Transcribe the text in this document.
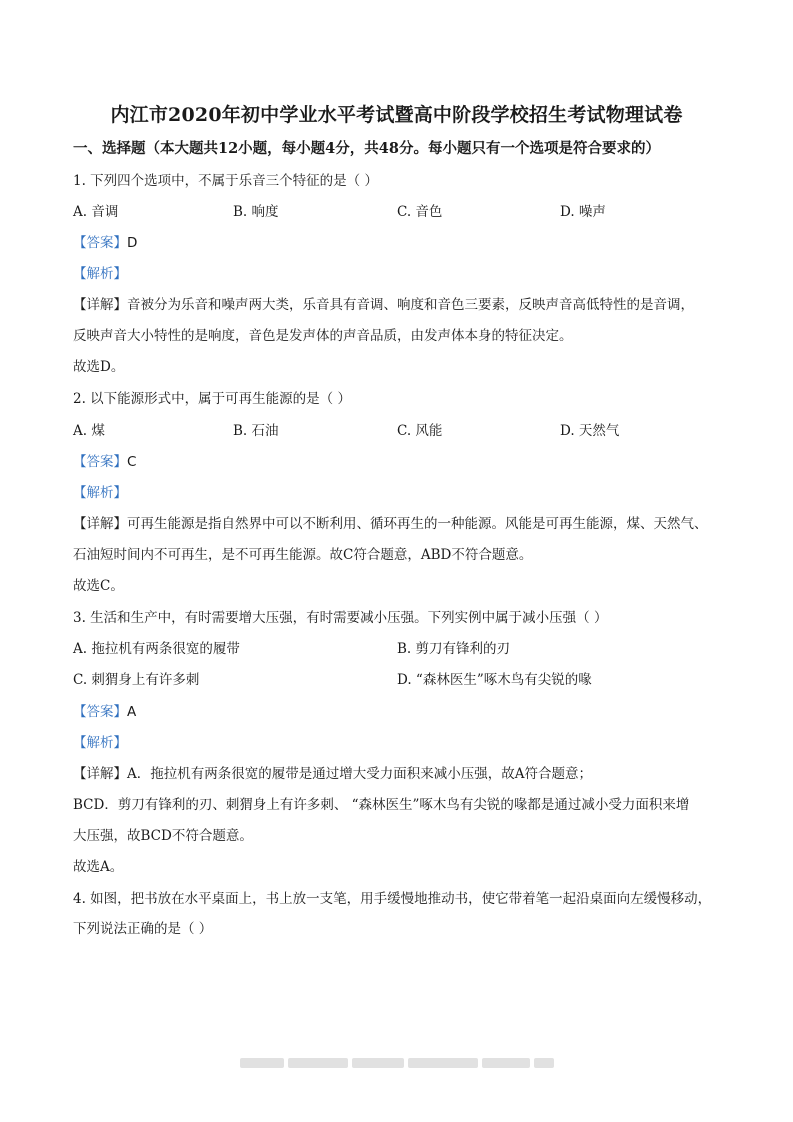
内江市2020年初中学业水平考试暨高中阶段学校招生考试物理试卷
一、选择题（本大题共12小题，每小题4分，共48分。每小题只有一个选项是符合要求的）
1. 下列四个选项中，不属于乐音三个特征的是（ ）
A. 音调	B. 响度	C. 音色	D. 噪声
【答案】D
【解析】
【详解】音被分为乐音和噪声两大类，乐音具有音调、响度和音色三要素，反映声音高低特性的是音调，
反映声音大小特性的是响度，音色是发声体的声音品质，由发声体本身的特征决定。
故选D。
2. 以下能源形式中，属于可再生能源的是（ ）
A. 煤	B. 石油	C. 风能	D. 天然气
【答案】C
【解析】
【详解】可再生能源是指自然界中可以不断利用、循环再生的一种能源。风能是可再生能源，煤、天然气、
石油短时间内不可再生，是不可再生能源。故C符合题意，ABD不符合题意。
故选C。
3. 生活和生产中，有时需要增大压强，有时需要减小压强。下列实例中属于减小压强（ ）
A. 拖拉机有两条很宽的履带	B. 剪刀有锋利的刃
C. 刺猬身上有许多刺	D. “森林医生”啄木鸟有尖锐的喙
【答案】A
【解析】
【详解】A．拖拉机有两条很宽的履带是通过增大受力面积来减小压强，故A符合题意；
BCD．剪刀有锋利的刃、刺猬身上有许多刺、 “森林医生”啄木鸟有尖锐的喙都是通过减小受力面积来增
大压强，故BCD不符合题意。
故选A。
4. 如图，把书放在水平桌面上，书上放一支笔，用手缓慢地推动书，使它带着笔一起沿桌面向左缓慢移动，
下列说法正确的是（ ）
